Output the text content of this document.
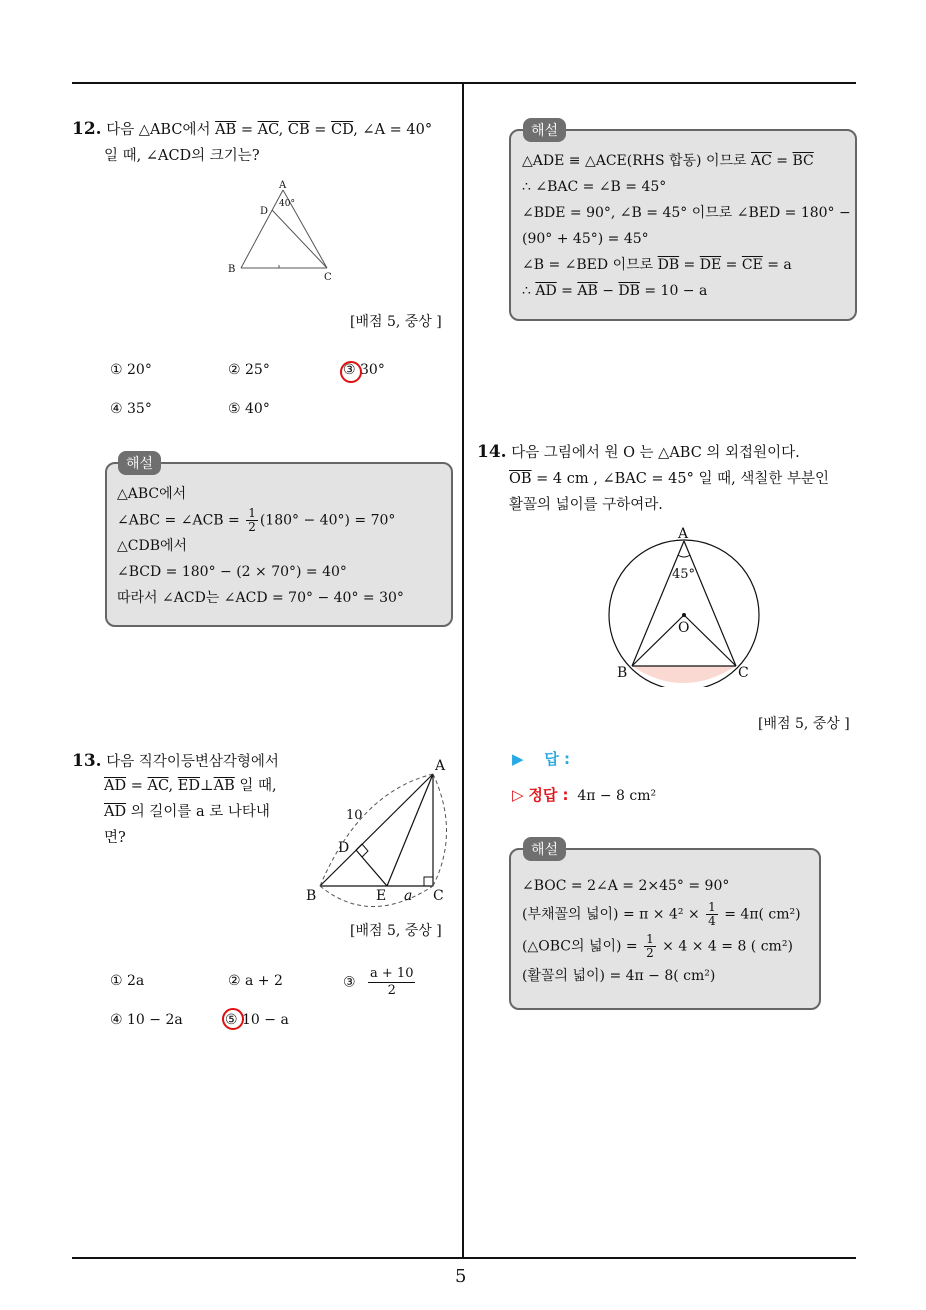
12. 다음 △ABC에서 $\overline{AB} = \overline{AC}$, $\overline{CB} = \overline{CD}$, ∠A = 40°
일 때, ∠ACD의 크기는?
40°
A
D
B
C
[배점 5, 중상 ]
① 20°	② 25°	③ 30°
④ 35°	⑤ 40°
해설
△ABC에서
∠ABC = ∠ACB = $\frac{1}{2} (180^\circ - 40^\circ) = 70^\circ$
△CDB에서
∠BCD = 180° − (2 × 70°) = 40°
따라서 ∠ACD는 ∠ACD = 70° − 40° = 30°
13. 다음 직각이등변삼각형에서
$\overline{AD} = \overline{AC}$, $\overline{ED}\perp\overline{AB}$ 일 때,
$\overline{AD}$ 의 길이를 a 로 나타내
면?
A
10
D
B	E a C
[배점 5, 중상 ]
① 2a	② a + 2	③ $\frac{a + 10}{2}$
④ 10 − 2a	⑤ 10 − a
해설
△ADE ≡ △ACE(RHS 합동) 이므로 $\overline{AC} = \overline{BC}$
∴ ∠BAC = ∠B = 45°
∠BDE = 90°, ∠B = 45° 이므로 ∠BED = 180° −
(90° + 45°) = 45°
∠B = ∠BED 이므로 $\overline{DB} = \overline{DE} = \overline{CE} = a$
∴ $\overline{AD} = \overline{AB} - \overline{DB} = 10 - a$
14. 다음 그림에서 원 O 는 △ABC 의 외접원이다.
$\overline{OB} = 4$ cm , ∠BAC = 45° 일 때, 색칠한 부분인
활꼴의 넓이를 구하여라.
A
45°
O
B	C
[배점 5, 중상 ]
▶ 답 :
▷ 정답 : 4π − 8 cm²
해설
∠BOC = 2∠A = 2×45° = 90°
(부채꼴의 넓이) = $\pi \times 4^2 \times \frac{1}{4} = 4\pi$( cm²)
(△OBC의 넓이) = $\frac{1}{2} \times 4 \times 4 = 8$ ( cm²)
(활꼴의 넓이) = 4π − 8( cm²)
5
